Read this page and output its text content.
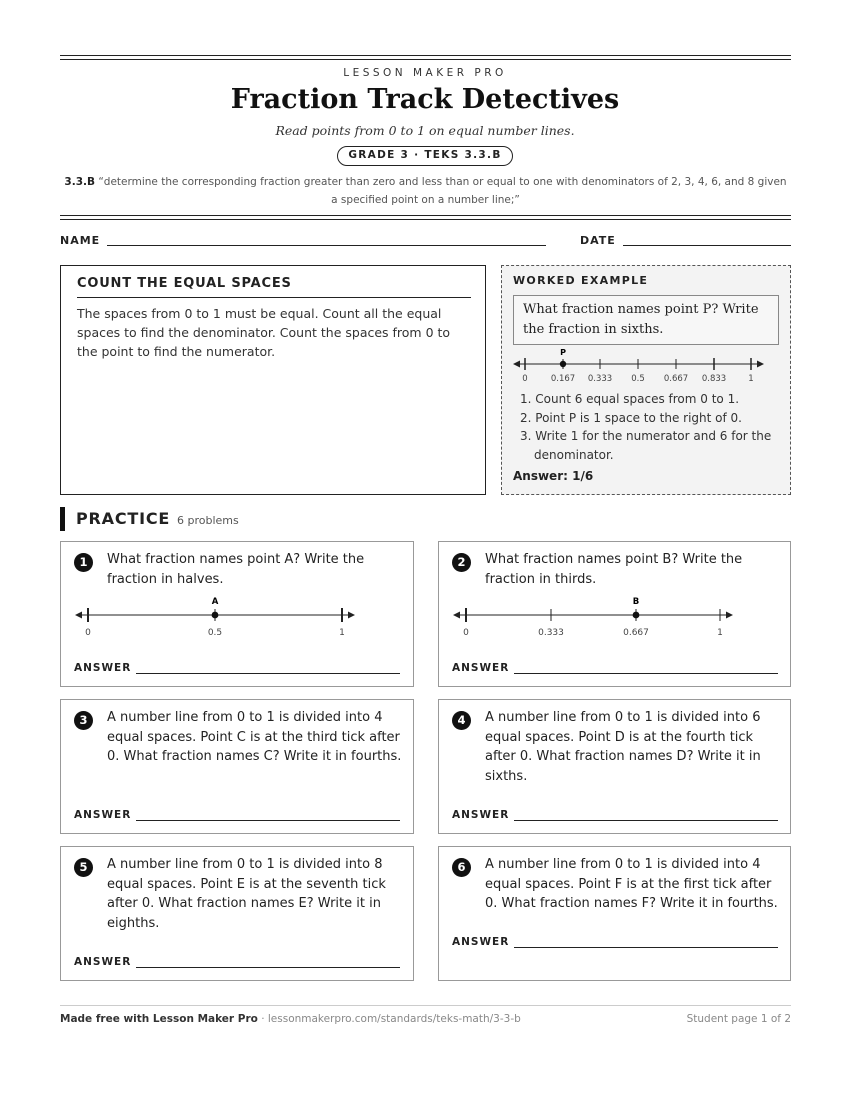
LESSON MAKER PRO
Fraction Track Detectives
Read points from 0 to 1 on equal number lines.
GRADE 3 · TEKS 3.3.B
3.3.B “determine the corresponding fraction greater than zero and less than or equal to one with denominators of 2, 3, 4, 6, and 8 given a specified point on a number line;”
NAME	DATE
COUNT THE EQUAL SPACES

The spaces from 0 to 1 must be equal. Count all the equal spaces to find the denominator. Count the spaces from 0 to the point to find the numerator.

WORKED EXAMPLE
What fraction names point P? Write the fraction in sixths.
P
0	0.167 0.333 0.5 0.667 0.833	1
1. Count 6 equal spaces from 0 to 1.
2. Point P is 1 space to the right of 0.
3. Write 1 for the numerator and 6 for the denominator.
Answer: 1/6
PRACTICE 6 problems
1	What fraction names point A? Write the fraction in halves.
A
0	0.5	1
ANSWER
2	What fraction names point B? Write the fraction in thirds.
B
0	0.333	0.667	1
ANSWER
3	A number line from 0 to 1 is divided into 4 equal spaces. Point C is at the third tick after 0. What fraction names C? Write it in fourths.
ANSWER
4	A number line from 0 to 1 is divided into 6 equal spaces. Point D is at the fourth tick after 0. What fraction names D? Write it in sixths.
ANSWER
5	A number line from 0 to 1 is divided into 8 equal spaces. Point E is at the seventh tick after 0. What fraction names E? Write it in eighths.
ANSWER
6	A number line from 0 to 1 is divided into 4 equal spaces. Point F is at the first tick after 0. What fraction names F? Write it in fourths.
ANSWER
Made free with Lesson Maker Pro · lessonmakerpro.com/standards/teks-math/3-3-b	Student page 1 of 2
